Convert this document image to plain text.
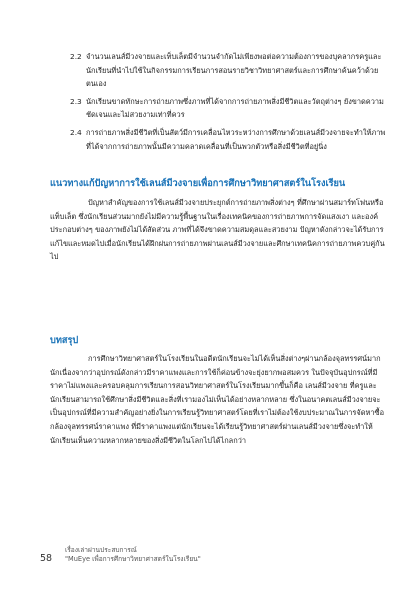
2.2 จำนวนเลนส์มีวงจายและเท็บเล็ตมีจำนวนจำกัดไม่เพียงพอต่อความต้องการของบุคลากรครูและนักเรียนที่นำไปใช้ในกิจกรรมการเรียนการสอนรายวิชาวิทยาศาสตร์และการศึกษาค้นคว้าด้วยตนเอง
2.3 นักเรียนขาดทักษะการถ่ายภาพซึ่งภาพที่ได้จากการถ่ายภาพสิ่งมีชีวิตและวัตถุต่างๆ ยังขาดความชัดเจนและไม่สวยงามเท่าที่ควร
2.4 การถ่ายภาพสิ่งมีชีวิตที่เป็นสัตว์มีการเคลื่อนไหวระหว่างการศึกษาด้วยเลนส์มีวงจายจะทำให้ภาพที่ได้จากการถ่ายภาพนั้นมีความคลาดเคลื่อนที่เป็นพวกตัวหรือสิ่งมีชีวิตที่อยู่นิ่ง
แนวทางแก้ปัญหาการใช้เลนส์มีวงจายเพื่อการศึกษาวิทยาศาสตร์ในโรงเรียน
ปัญหาสำคัญของการใช้เลนส์มีวงจายประยุกต์การถ่ายภาพสิ่งต่างๆ ที่ศึกษาผ่านสมาร์ทโฟนหรือแท็บเล็ต ซึ่งนักเรียนส่วนมากยังไม่มีความรู้พื้นฐานในเรื่องเทคนิคของการถ่ายภาพการจัดแสงเงา และองค์ประกอบต่างๆ ของภาพยังไม่ได้สัดส่วน ภาพที่ได้จึงขาดความสมดุลและสวยงาม ปัญหาดังกล่าวจะได้รับการแก้ไขและหมดไปเมื่อนักเรียนได้ฝึกฝนการถ่ายภาพผ่านเลนส์มีวงจายและศึกษาเทคนิคการถ่ายภาพควบคู่กันไป
บทสรุป
การศึกษาวิทยาศาสตร์ในโรงเรียนในอดีตนักเรียนจะไม่ได้เห็นสิ่งต่างๆผ่านกล้องจุลทรรศน์มากนักเนื่องจากว่าอุปกรณ์ดังกล่าวมีราคาแพงและการใช้ก็ค่อนข้างจะยุ่งยากพอสมควร ในปัจจุบันอุปกรณ์ที่มีราคาไม่แพงและครอบคลุมการเรียนการสอนวิทยาศาสตร์ในโรงเรียนมากขึ้นก็คือ เลนส์มีวงจาย ที่ครูและนักเรียนสามารถใช้ศึกษาสิ่งมีชีวิตและสิ่งที่เรามองไม่เห็นได้อย่างหลากหลาย ซึ่งในอนาคตเลนส์มีวงจายจะเป็นอุปกรณ์ที่มีความสำคัญอย่างยิ่งในการเรียนรู้วิทยาศาสตร์โดยที่เราไม่ต้องใช้งบประมาณในการจัดหาซื้อกล้องจุลทรรศน์ราคาแพง ที่มีราคาแพงแต่นักเรียนจะได้เรียนรู้วิทยาศาสตร์ผ่านเลนส์มีวงจายซึ่งจะทำให้นักเรียนเห็นความหลากหลายของสิ่งมีชีวิตในโลกไปได้ไกลกว่า
58
เรื่องเล่าผ่านประสบการณ์
"MuEye เพื่อการศึกษาวิทยาศาสตร์ในโรงเรียน"
